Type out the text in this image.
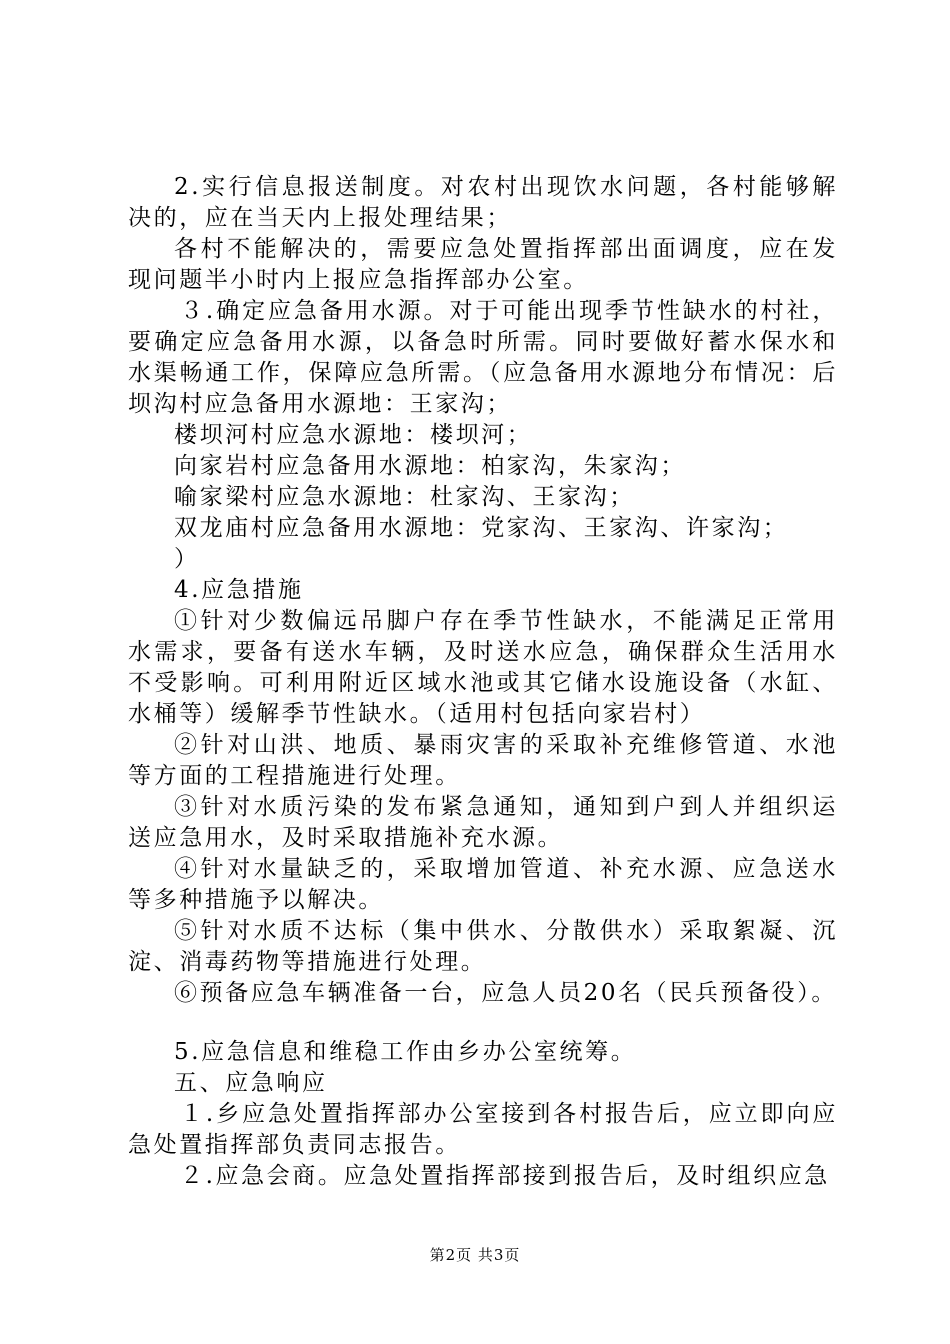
2.实行信息报送制度。对农村出现饮水问题，各村能够解决的，应在当天内上报处理结果；

各村不能解决的，需要应急处置指挥部出面调度，应在发现问题半小时内上报应急指挥部办公室。

３.确定应急备用水源。对于可能出现季节性缺水的村社，要确定应急备用水源，以备急时所需。同时要做好蓄水保水和水渠畅通工作，保障应急所需。（应急备用水源地分布情况：后坝沟村应急备用水源地：王家沟；

楼坝河村应急水源地：楼坝河；

向家岩村应急备用水源地：柏家沟，朱家沟；

喻家梁村应急水源地：杜家沟、王家沟；

双龙庙村应急备用水源地：党家沟、王家沟、许家沟；

）

4.应急措施

①针对少数偏远吊脚户存在季节性缺水，不能满足正常用水需求，要备有送水车辆，及时送水应急，确保群众生活用水不受影响。可利用附近区域水池或其它储水设施设备（水缸、水桶等）缓解季节性缺水。（适用村包括向家岩村）

②针对山洪、地质、暴雨灾害的采取补充维修管道、水池等方面的工程措施进行处理。

③针对水质污染的发布紧急通知，通知到户到人并组织运送应急用水，及时采取措施补充水源。

④针对水量缺乏的，采取增加管道、补充水源、应急送水等多种措施予以解决。

⑤针对水质不达标（集中供水、分散供水）采取絮凝、沉淀、消毒药物等措施进行处理。

⑥预备应急车辆准备一台，应急人员20名（民兵预备役）。

5.应急信息和维稳工作由乡办公室统筹。

五、应急响应

１.乡应急处置指挥部办公室接到各村报告后，应立即向应急处置指挥部负责同志报告。

２.应急会商。应急处置指挥部接到报告后，及时组织应急

第2页 共3页
